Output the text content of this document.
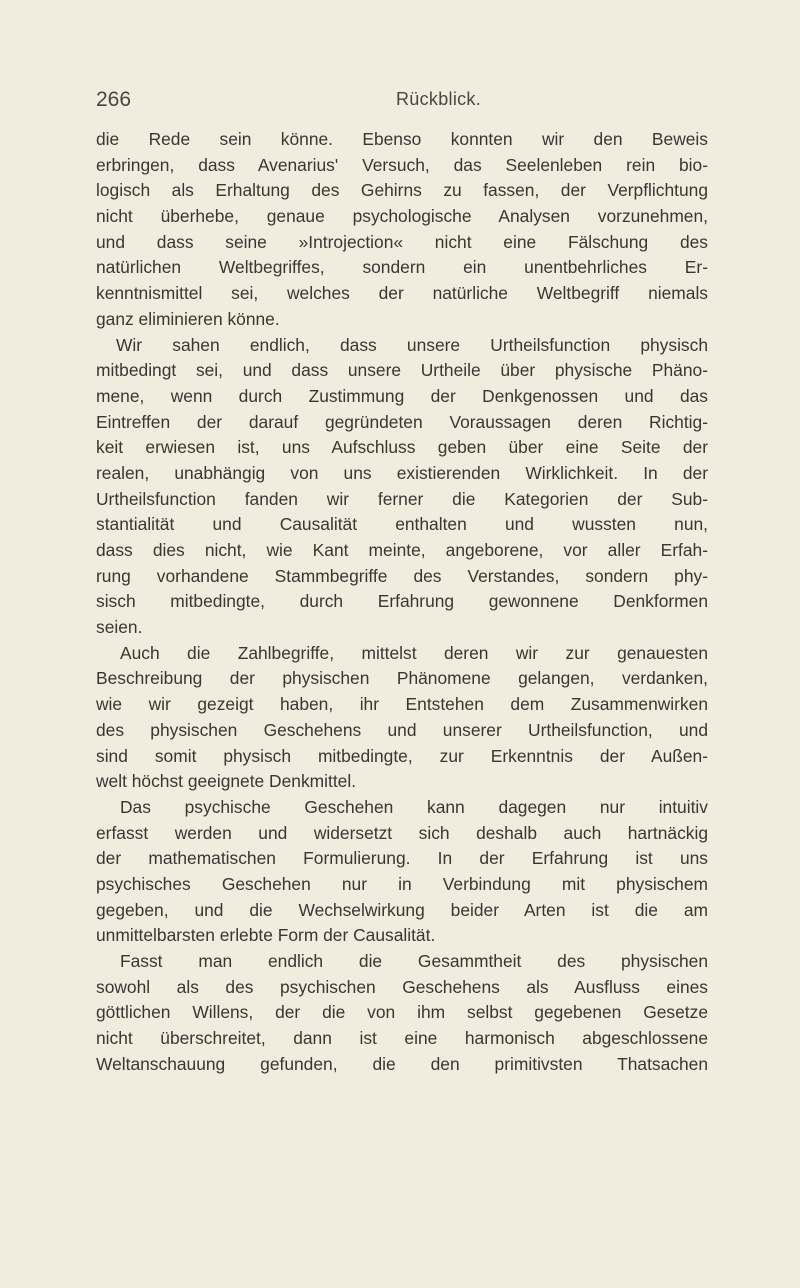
266	Rückblick.
die Rede sein könne. Ebenso konnten wir den Beweis
erbringen, dass Avenarius' Versuch, das Seelenleben rein bio-
logisch als Erhaltung des Gehirns zu fassen, der Verpflichtung
nicht überhebe, genaue psychologische Analysen vorzunehmen,
und dass seine »Introjection« nicht eine Fälschung des
natürlichen Weltbegriffes, sondern ein unentbehrliches Er-
kenntnismittel sei, welches der natürliche Weltbegriff niemals
ganz eliminieren könne.
Wir sahen endlich, dass unsere Urtheilsfunction physisch
mitbedingt sei, und dass unsere Urtheile über physische Phäno-
mene, wenn durch Zustimmung der Denkgenossen und das
Eintreffen der darauf gegründeten Voraussagen deren Richtig-
keit erwiesen ist, uns Aufschluss geben über eine Seite der
realen, unabhängig von uns existierenden Wirklichkeit. In der
Urtheilsfunction fanden wir ferner die Kategorien der Sub-
stantialität und Causalität enthalten und wussten nun,
dass dies nicht, wie Kant meinte, angeborene, vor aller Erfah-
rung vorhandene Stammbegriffe des Verstandes, sondern phy-
sisch mitbedingte, durch Erfahrung gewonnene Denkformen
seien.
Auch die Zahlbegriffe, mittelst deren wir zur genauesten
Beschreibung der physischen Phänomene gelangen, verdanken,
wie wir gezeigt haben, ihr Entstehen dem Zusammenwirken
des physischen Geschehens und unserer Urtheilsfunction, und
sind somit physisch mitbedingte, zur Erkenntnis der Außen-
welt höchst geeignete Denkmittel.
Das psychische Geschehen kann dagegen nur intuitiv
erfasst werden und widersetzt sich deshalb auch hartnäckig
der mathematischen Formulierung. In der Erfahrung ist uns
psychisches Geschehen nur in Verbindung mit physischem
gegeben, und die Wechselwirkung beider Arten ist die am
unmittelbarsten erlebte Form der Causalität.
Fasst man endlich die Gesammtheit des physischen
sowohl als des psychischen Geschehens als Ausfluss eines
göttlichen Willens, der die von ihm selbst gegebenen Gesetze
nicht überschreitet, dann ist eine harmonisch abgeschlossene
Weltanschauung gefunden, die den primitivsten Thatsachen
